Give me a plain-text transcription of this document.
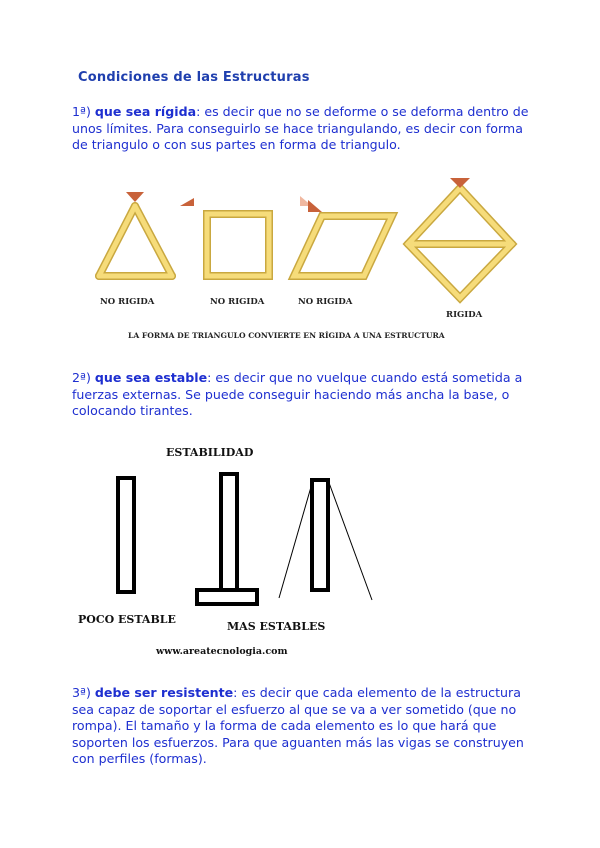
Condiciones de las Estructuras
1ª) que sea rígida: es decir que no se deforme o se deforma dentro de unos límites. Para conseguirlo se hace triangulando, es decir con forma de triangulo o con sus partes en forma de triangulo.
NO RIGIDA	NO RIGIDA	NO RIGIDA
RIGIDA
LA FORMA DE TRIANGULO CONVIERTE EN RÍGIDA A UNA ESTRUCTURA
2ª) que sea estable: es decir que no vuelque cuando está sometida a fuerzas externas. Se puede conseguir haciendo más ancha la base, o colocando tirantes.
ESTABILIDAD
POCO ESTABLE
MAS ESTABLES
www.areatecnologia.com
3ª) debe ser resistente: es decir que cada elemento de la estructura sea capaz de soportar el esfuerzo al que se va a ver sometido (que no rompa). El tamaño y la forma de cada elemento es lo que hará que soporten los esfuerzos. Para que aguanten más las vigas se construyen con perfiles (formas).
